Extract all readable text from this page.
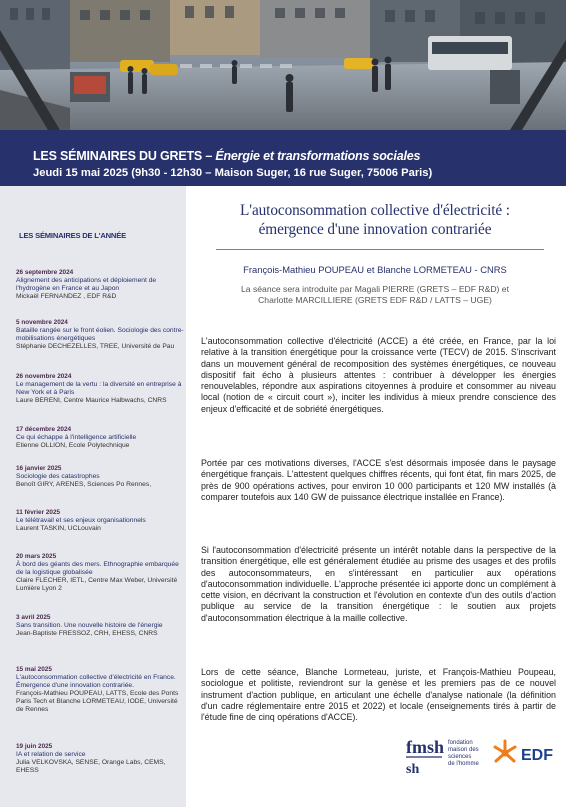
LES SÉMINAIRES DU GRETS – Énergie et transformations sociales
Jeudi 15 mai 2025 (9h30 - 12h30 – Maison Suger, 16 rue Suger, 75006 Paris)
LES SÉMINAIRES DE L'ANNÉE
26 septembre 2024
Alignement des anticipations et déploiement de l'hydrogène en France et au Japon
Mickaël FERNANDEZ , EDF R&D
5 novembre 2024
Bataille rangée sur le front éolien. Sociologie des contre-mobilisations énergétiques
Stéphanie DECHEZELLES, TREE, Université de Pau
26 novembre 2024
Le management de la vertu : la diversité en entreprise à New York et à Paris
Laure BERENI, Centre Maurice Halbwachs, CNRS
17 décembre 2024
Ce qui échappe à l'intelligence artificielle
Etienne OLLION, Ecole Polytechnique
16 janvier 2025
Sociologie des catastrophes
Benoît GIRY, ARENES, Sciences Po Rennes,
11 février 2025
Le télétravail et ses enjeux organisationnels
Laurent TASKIN, UCLouvain
20 mars 2025
À bord des géants des mers. Ethnographie embarquée de la logistique globalisée
Claire FLECHER, IETL, Centre Max Weber, Université Lumière Lyon 2
3 avril 2025
Sans transition. Une nouvelle histoire de l'énergie
Jean-Baptiste FRESSOZ, CRH, EHESS, CNRS
15 mai 2025
L'autoconsommation collective d'électricité en France. Émergence d'une innovation contrariée.
François-Mathieu POUPEAU, LATTS, Ecole des Ponts Paris Tech et Blanche LORMETEAU, IODE, Université de Rennes
19 juin 2025
IA et relation de service
Julia VELKOVSKA, SENSE, Orange Labs, CEMS, EHESS
L'autoconsommation collective d'électricité :
émergence d'une innovation contrariée
François-Mathieu POUPEAU et Blanche LORMETEAU - CNRS
La séance sera introduite par Magali PIERRE (GRETS – EDF R&D) et
Charlotte MARCILLIERE (GRETS EDF R&D / LATTS – UGE)

L'autoconsommation collective d'électricité (ACCE) a été créée, en France, par la loi relative à la transition énergétique pour la croissance verte (TECV) de 2015. S'inscrivant dans un mouvement général de recomposition des systèmes énergétiques, ce nouveau dispositif fait écho à plusieurs attentes : contribuer à développer les énergies renouvelables, répondre aux aspirations citoyennes à produire et consommer au niveau local (notion de « circuit court »), inciter les individus à mieux prendre conscience des enjeux d'efficacité et de sobriété énergétiques.

Portée par ces motivations diverses, l'ACCE s'est désormais imposée dans le paysage énergétique français. L'attestent quelques chiffres récents, qui font état, fin mars 2025, de près de 900 opérations actives, pour environ 10 000 participants et 120 MW installés (à comparer toutefois aux 140 GW de puissance électrique installée en France).

Si l'autoconsommation d'électricité présente un intérêt notable dans la perspective de la transition énergétique, elle est généralement étudiée au prisme des usages et des profils des autoconsommateurs, en s'intéressant en particulier aux opérations d'autoconsommation individuelle. L'approche présentée ici apporte donc un complément à cette vision, en décrivant la construction et l'évolution en contexte d'un des outils d'action publique au service de la transition énergétique : le soutien aux projets d'autoconsommation électrique à la maille collective.

Lors de cette séance, Blanche Lormeteau, juriste, et François-Mathieu Poupeau, sociologue et politiste, reviendront sur la genèse et les premiers pas de ce nouvel instrument d'action publique, en articulant une échelle d'analyse nationale (la définition d'un cadre réglementaire entre 2015 et 2022) et locale (enseignements tirés à partir de l'étude fine de cinq opérations d'ACCE).

fmsh
sh
fondation
maison des
sciences
de l'homme	EDF
